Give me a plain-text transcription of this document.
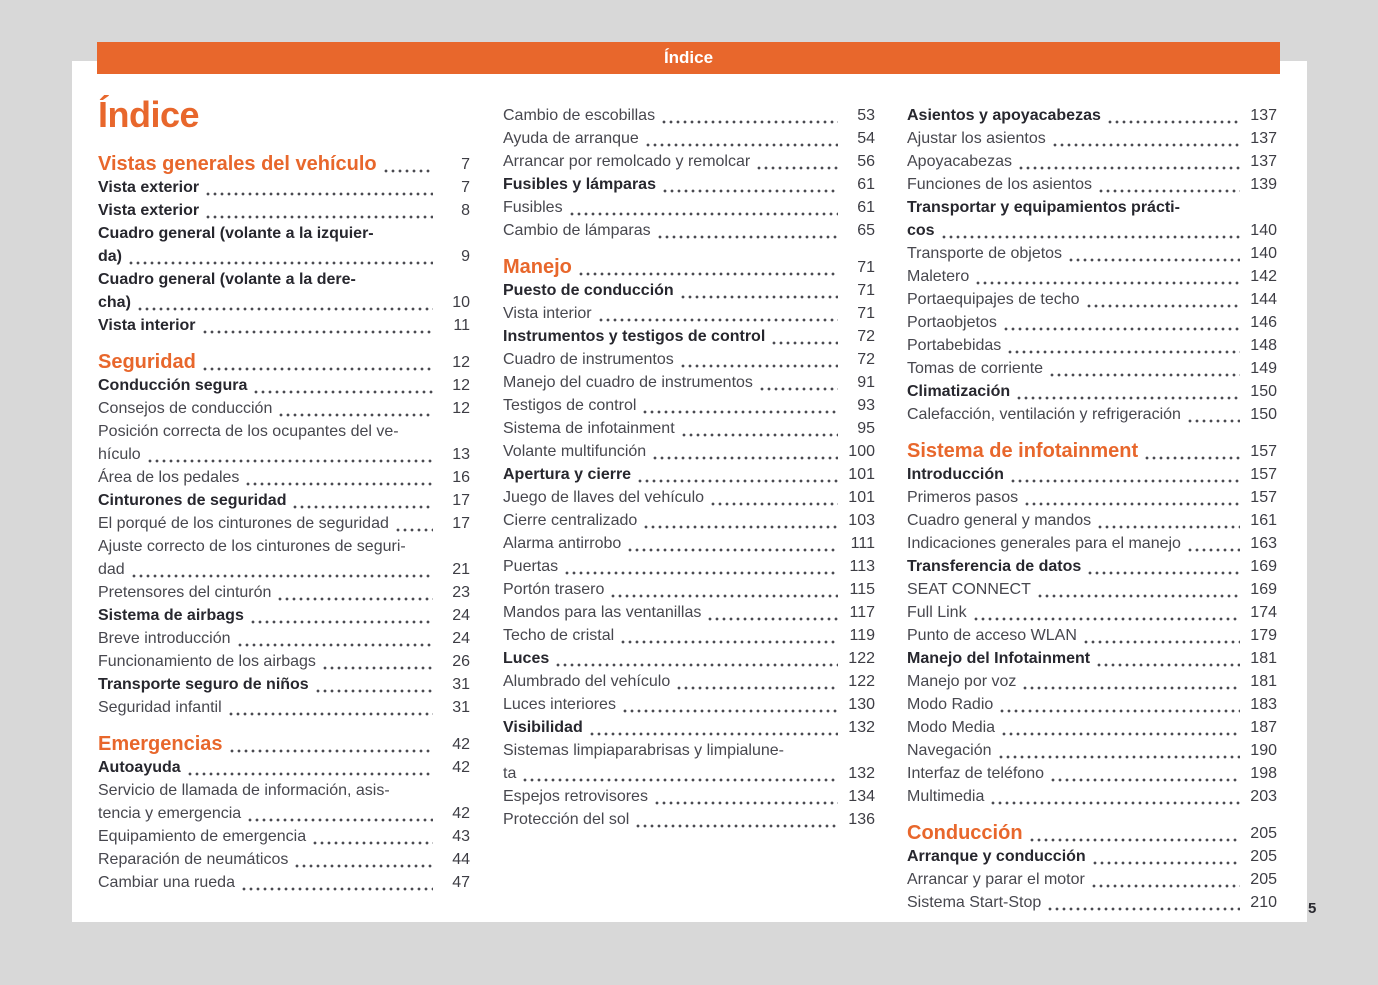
Índice
Índice
Vistas generales del vehículo	7
Vista exterior	7
Vista exterior	8
Cuadro general (volante a la izquier-
da)	9
Cuadro general (volante a la dere-
cha)	10
Vista interior	11
Seguridad	12
Conducción segura	12
Consejos de conducción	12
Posición correcta de los ocupantes del ve-
hículo	13
Área de los pedales	16
Cinturones de seguridad	17
El porqué de los cinturones de seguridad	17
Ajuste correcto de los cinturones de seguri-
dad	21
Pretensores del cinturón	23
Sistema de airbags	24
Breve introducción	24
Funcionamiento de los airbags	26
Transporte seguro de niños	31
Seguridad infantil	31
Emergencias	42
Autoayuda	42
Servicio de llamada de información, asis-
tencia y emergencia	42
Equipamiento de emergencia	43
Reparación de neumáticos	44
Cambiar una rueda	47
Cambio de escobillas	53
Ayuda de arranque	54
Arrancar por remolcado y remolcar	56
Fusibles y lámparas	61
Fusibles	61
Cambio de lámparas	65
Manejo	71
Puesto de conducción	71
Vista interior	71
Instrumentos y testigos de control	72
Cuadro de instrumentos	72
Manejo del cuadro de instrumentos	91
Testigos de control	93
Sistema de infotainment	95
Volante multifunción	100
Apertura y cierre	101
Juego de llaves del vehículo	101
Cierre centralizado	103
Alarma antirrobo	111
Puertas	113
Portón trasero	115
Mandos para las ventanillas	117
Techo de cristal	119
Luces	122
Alumbrado del vehículo	122
Luces interiores	130
Visibilidad	132
Sistemas limpiaparabrisas y limpialune-
ta	132
Espejos retrovisores	134
Protección del sol	136
Asientos y apoyacabezas	137
Ajustar los asientos	137
Apoyacabezas	137
Funciones de los asientos	139
Transportar y equipamientos prácti-
cos	140
Transporte de objetos	140
Maletero	142
Portaequipajes de techo	144
Portaobjetos	146
Portabebidas	148
Tomas de corriente	149
Climatización	150
Calefacción, ventilación y refrigeración	150
Sistema de infotainment	157
Introducción	157
Primeros pasos	157
Cuadro general y mandos	161
Indicaciones generales para el manejo	163
Transferencia de datos	169
SEAT CONNECT	169
Full Link	174
Punto de acceso WLAN	179
Manejo del Infotainment	181
Manejo por voz	181
Modo Radio	183
Modo Media	187
Navegación	190
Interfaz de teléfono	198
Multimedia	203
Conducción	205
Arranque y conducción	205
Arrancar y parar el motor	205
Sistema Start-Stop	210 5
